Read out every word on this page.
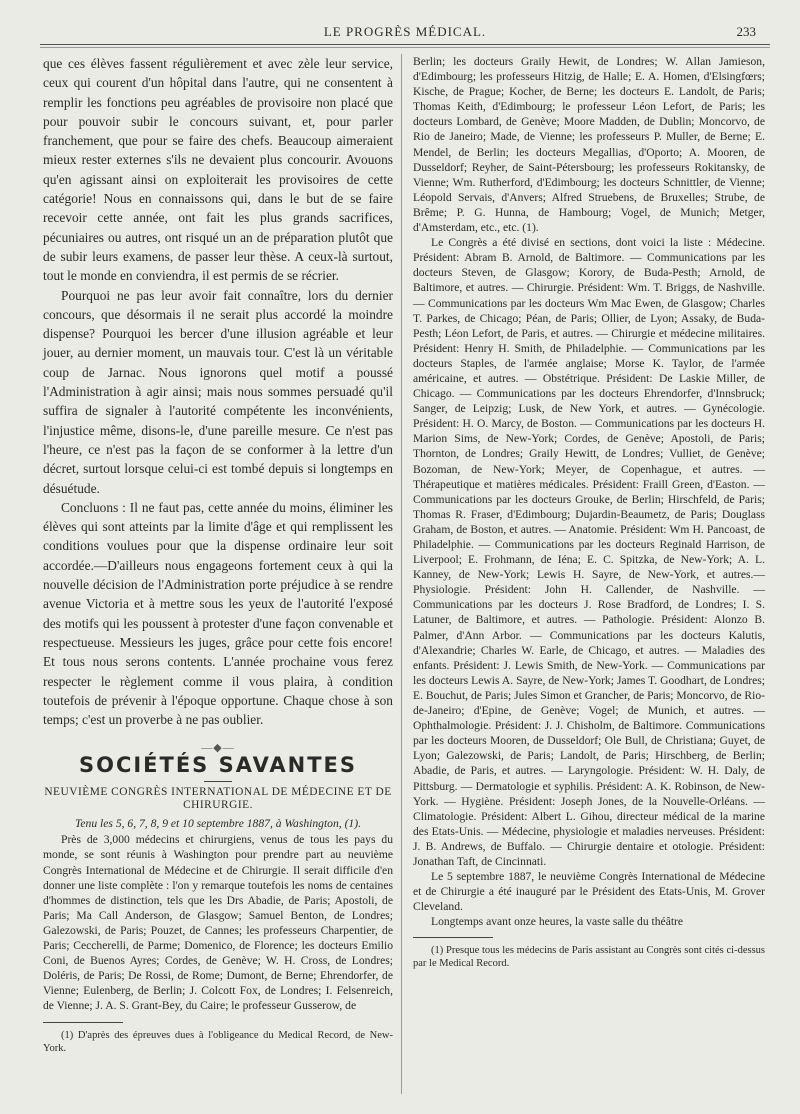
LE PROGRÈS MÉDICAL.	233

que ces élèves fassent régulièrement et avec zèle leur service, ceux qui courent d'un hôpital dans l'autre, qui ne consentent à remplir les fonctions peu agréables de provisoire non placé que pour pouvoir subir le concours suivant, et, pour parler franchement, que pour se faire des chefs. Beaucoup aimeraient mieux rester externes s'ils ne devaient plus concourir. Avouons qu'en agissant ainsi on exploiterait les provisoires de cette catégorie! Nous en connaissons qui, dans le but de se faire recevoir cette année, ont fait les plus grands sacrifices, pécuniaires ou autres, ont risqué un an de préparation plutôt que de subir leurs examens, de passer leur thèse. A ceux-là surtout, tout le monde en conviendra, il est permis de se récrier.

Pourquoi ne pas leur avoir fait connaître, lors du dernier concours, que désormais il ne serait plus accordé la moindre dispense? Pourquoi les bercer d'une illusion agréable et leur jouer, au dernier moment, un mauvais tour. C'est là un véritable coup de Jarnac. Nous ignorons quel motif a poussé l'Administration à agir ainsi; mais nous sommes persuadé qu'il suffira de signaler à l'autorité compétente les inconvénients, l'injustice même, disons-le, d'une pareille mesure. Ce n'est pas l'heure, ce n'est pas la façon de se conformer à la lettre d'un décret, surtout lorsque celui-ci est tombé depuis si longtemps en désuétude.

Concluons : Il ne faut pas, cette année du moins, éliminer les élèves qui sont atteints par la limite d'âge et qui remplissent les conditions voulues pour que la dispense ordinaire leur soit accordée.—D'ailleurs nous engageons fortement ceux à qui la nouvelle décision de l'Administration porte préjudice à se rendre avenue Victoria et à mettre sous les yeux de l'autorité l'exposé des motifs qui les poussent à protester d'une façon convenable et respectueuse. Messieurs les juges, grâce pour cette fois encore! Et tous nous serons contents. L'année prochaine vous ferez respecter le règlement comme il vous plaira, à condition toutefois de prévenir à l'époque opportune. Chaque chose à son temps; c'est un proverbe à ne pas oublier.

—◆—
SOCIÉTÉS SAVANTES

NEUVIÈME CONGRÈS INTERNATIONAL DE MÉDECINE ET DE CHIRURGIE.

Tenu les 5, 6, 7, 8, 9 et 10 septembre 1887, à Washington, (1).

Près de 3,000 médecins et chirurgiens, venus de tous les pays du monde, se sont réunis à Washington pour prendre part au neuvième Congrès International de Médecine et de Chirurgie. Il serait difficile d'en donner une liste complète : l'on y remarque toutefois les noms de centaines d'hommes de distinction, tels que les Drs Abadie, de Paris; Apostoli, de Paris; Ma Call Anderson, de Glasgow; Samuel Benton, de Londres; Galezowski, de Paris; Pouzet, de Cannes; les professeurs Charpentier, de Paris; Ceccherelli, de Parme; Domenico, de Florence; les docteurs Emilio Coni, de Buenos Ayres; Cordes, de Genève; W. H. Cross, de Londres; Doléris, de Paris; De Rossi, de Rome; Dumont, de Berne; Ehrendorfer, de Vienne; Eulenberg, de Berlin; J. Colcott Fox, de Londres; I. Felsenreich, de Vienne; J. A. S. Grant-Bey, du Caire; le professeur Gusserow, de

(1) D'après des épreuves dues à l'obligeance du Medical Record, de New-York.

Berlin; les docteurs Graily Hewit, de Londres; W. Allan Jamieson, d'Edimbourg; les professeurs Hitzig, de Halle; E. A. Homen, d'Elsingfœrs; Kische, de Prague; Kocher, de Berne; les docteurs E. Landolt, de Paris; Thomas Keith, d'Edimbourg; le professeur Léon Lefort, de Paris; les docteurs Lombard, de Genève; Moore Madden, de Dublin; Moncorvo, de Rio de Janeiro; Made, de Vienne; les professeurs P. Muller, de Berne; E. Mendel, de Berlin; les docteurs Megallias, d'Oporto; A. Mooren, de Dusseldorf; Reyher, de Saint-Pétersbourg; les professeurs Rokitansky, de Vienne; Wm. Rutherford, d'Edimbourg; les docteurs Schnittler, de Vienne; Léopold Servais, d'Anvers; Alfred Struebens, de Bruxelles; Strube, de Brême; P. G. Hunna, de Hambourg; Vogel, de Munich; Metger, d'Amsterdam, etc., etc. (1).

Le Congrès a été divisé en sections, dont voici la liste : Médecine. Président: Abram B. Arnold, de Baltimore. — Communications par les docteurs Steven, de Glasgow; Korory, de Buda-Pesth; Arnold, de Baltimore, et autres. — Chirurgie. Président: Wm. T. Briggs, de Nashville. — Communications par les docteurs Wm Mac Ewen, de Glasgow; Charles T. Parkes, de Chicago; Péan, de Paris; Ollier, de Lyon; Assaky, de Buda-Pesth; Léon Lefort, de Paris, et autres. — Chirurgie et médecine militaires. Président: Henry H. Smith, de Philadelphie. — Communications par les docteurs Staples, de l'armée anglaise; Morse K. Taylor, de l'armée américaine, et autres. — Obstétrique. Président: De Laskie Miller, de Chicago. — Communications par les docteurs Ehrendorfer, d'Innsbruck; Sanger, de Leipzig; Lusk, de New York, et autres. — Gynécologie. Président: H. O. Marcy, de Boston. — Communications par les docteurs H. Marion Sims, de New-York; Cordes, de Genève; Apostoli, de Paris; Thornton, de Londres; Graily Hewitt, de Londres; Vulliet, de Genève; Bozoman, de New-York; Meyer, de Copenhague, et autres. — Thérapeutique et matières médicales. Président: Fraill Green, d'Easton. — Communications par les docteurs Grouke, de Berlin; Hirschfeld, de Paris; Thomas R. Fraser, d'Edimbourg; Dujardin-Beaumetz, de Paris; Douglass Graham, de Boston, et autres. — Anatomie. Président: Wm H. Pancoast, de Philadelphie. — Communications par les docteurs Reginald Harrison, de Liverpool; E. Frohmann, de Iéna; E. C. Spitzka, de New-York; A. L. Kanney, de New-York; Lewis H. Sayre, de New-York, et autres.— Physiologie. Président: John H. Callender, de Nashville. — Communications par les docteurs J. Rose Bradford, de Londres; I. S. Latuner, de Baltimore, et autres. — Pathologie. Président: Alonzo B. Palmer, d'Ann Arbor. — Communications par les docteurs Kalutis, d'Alexandrie; Charles W. Earle, de Chicago, et autres. — Maladies des enfants. Président: J. Lewis Smith, de New-York. — Communications par les docteurs Lewis A. Sayre, de New-York; James T. Goodhart, de Londres; E. Bouchut, de Paris; Jules Simon et Grancher, de Paris; Moncorvo, de Rio-de-Janeiro; d'Epine, de Genève; Vogel; de Munich, et autres. — Ophthalmologie. Président: J. J. Chisholm, de Baltimore. Communications par les docteurs Mooren, de Dusseldorf; Ole Bull, de Christiana; Guyet, de Lyon; Galezowski, de Paris; Landolt, de Paris; Hirschberg, de Berlin; Abadie, de Paris, et autres. — Laryngologie. Président: W. H. Daly, de Pittsburg. — Dermatologie et syphilis. Président: A. K. Robinson, de New-York. — Hygiène. Président: Joseph Jones, de la Nouvelle-Orléans. — Climatologie. Président: Albert L. Gihou, directeur médical de la marine des Etats-Unis. — Médecine, physiologie et maladies nerveuses. Président: J. B. Andrews, de Buffalo. — Chirurgie dentaire et otologie. Président: Jonathan Taft, de Cincinnati.

Le 5 septembre 1887, le neuvième Congrès International de Médecine et de Chirurgie a été inauguré par le Président des Etats-Unis, M. Grover Cleveland.

Longtemps avant onze heures, la vaste salle du théâtre

(1) Presque tous les médecins de Paris assistant au Congrès sont cités ci-dessus par le Medical Record.
